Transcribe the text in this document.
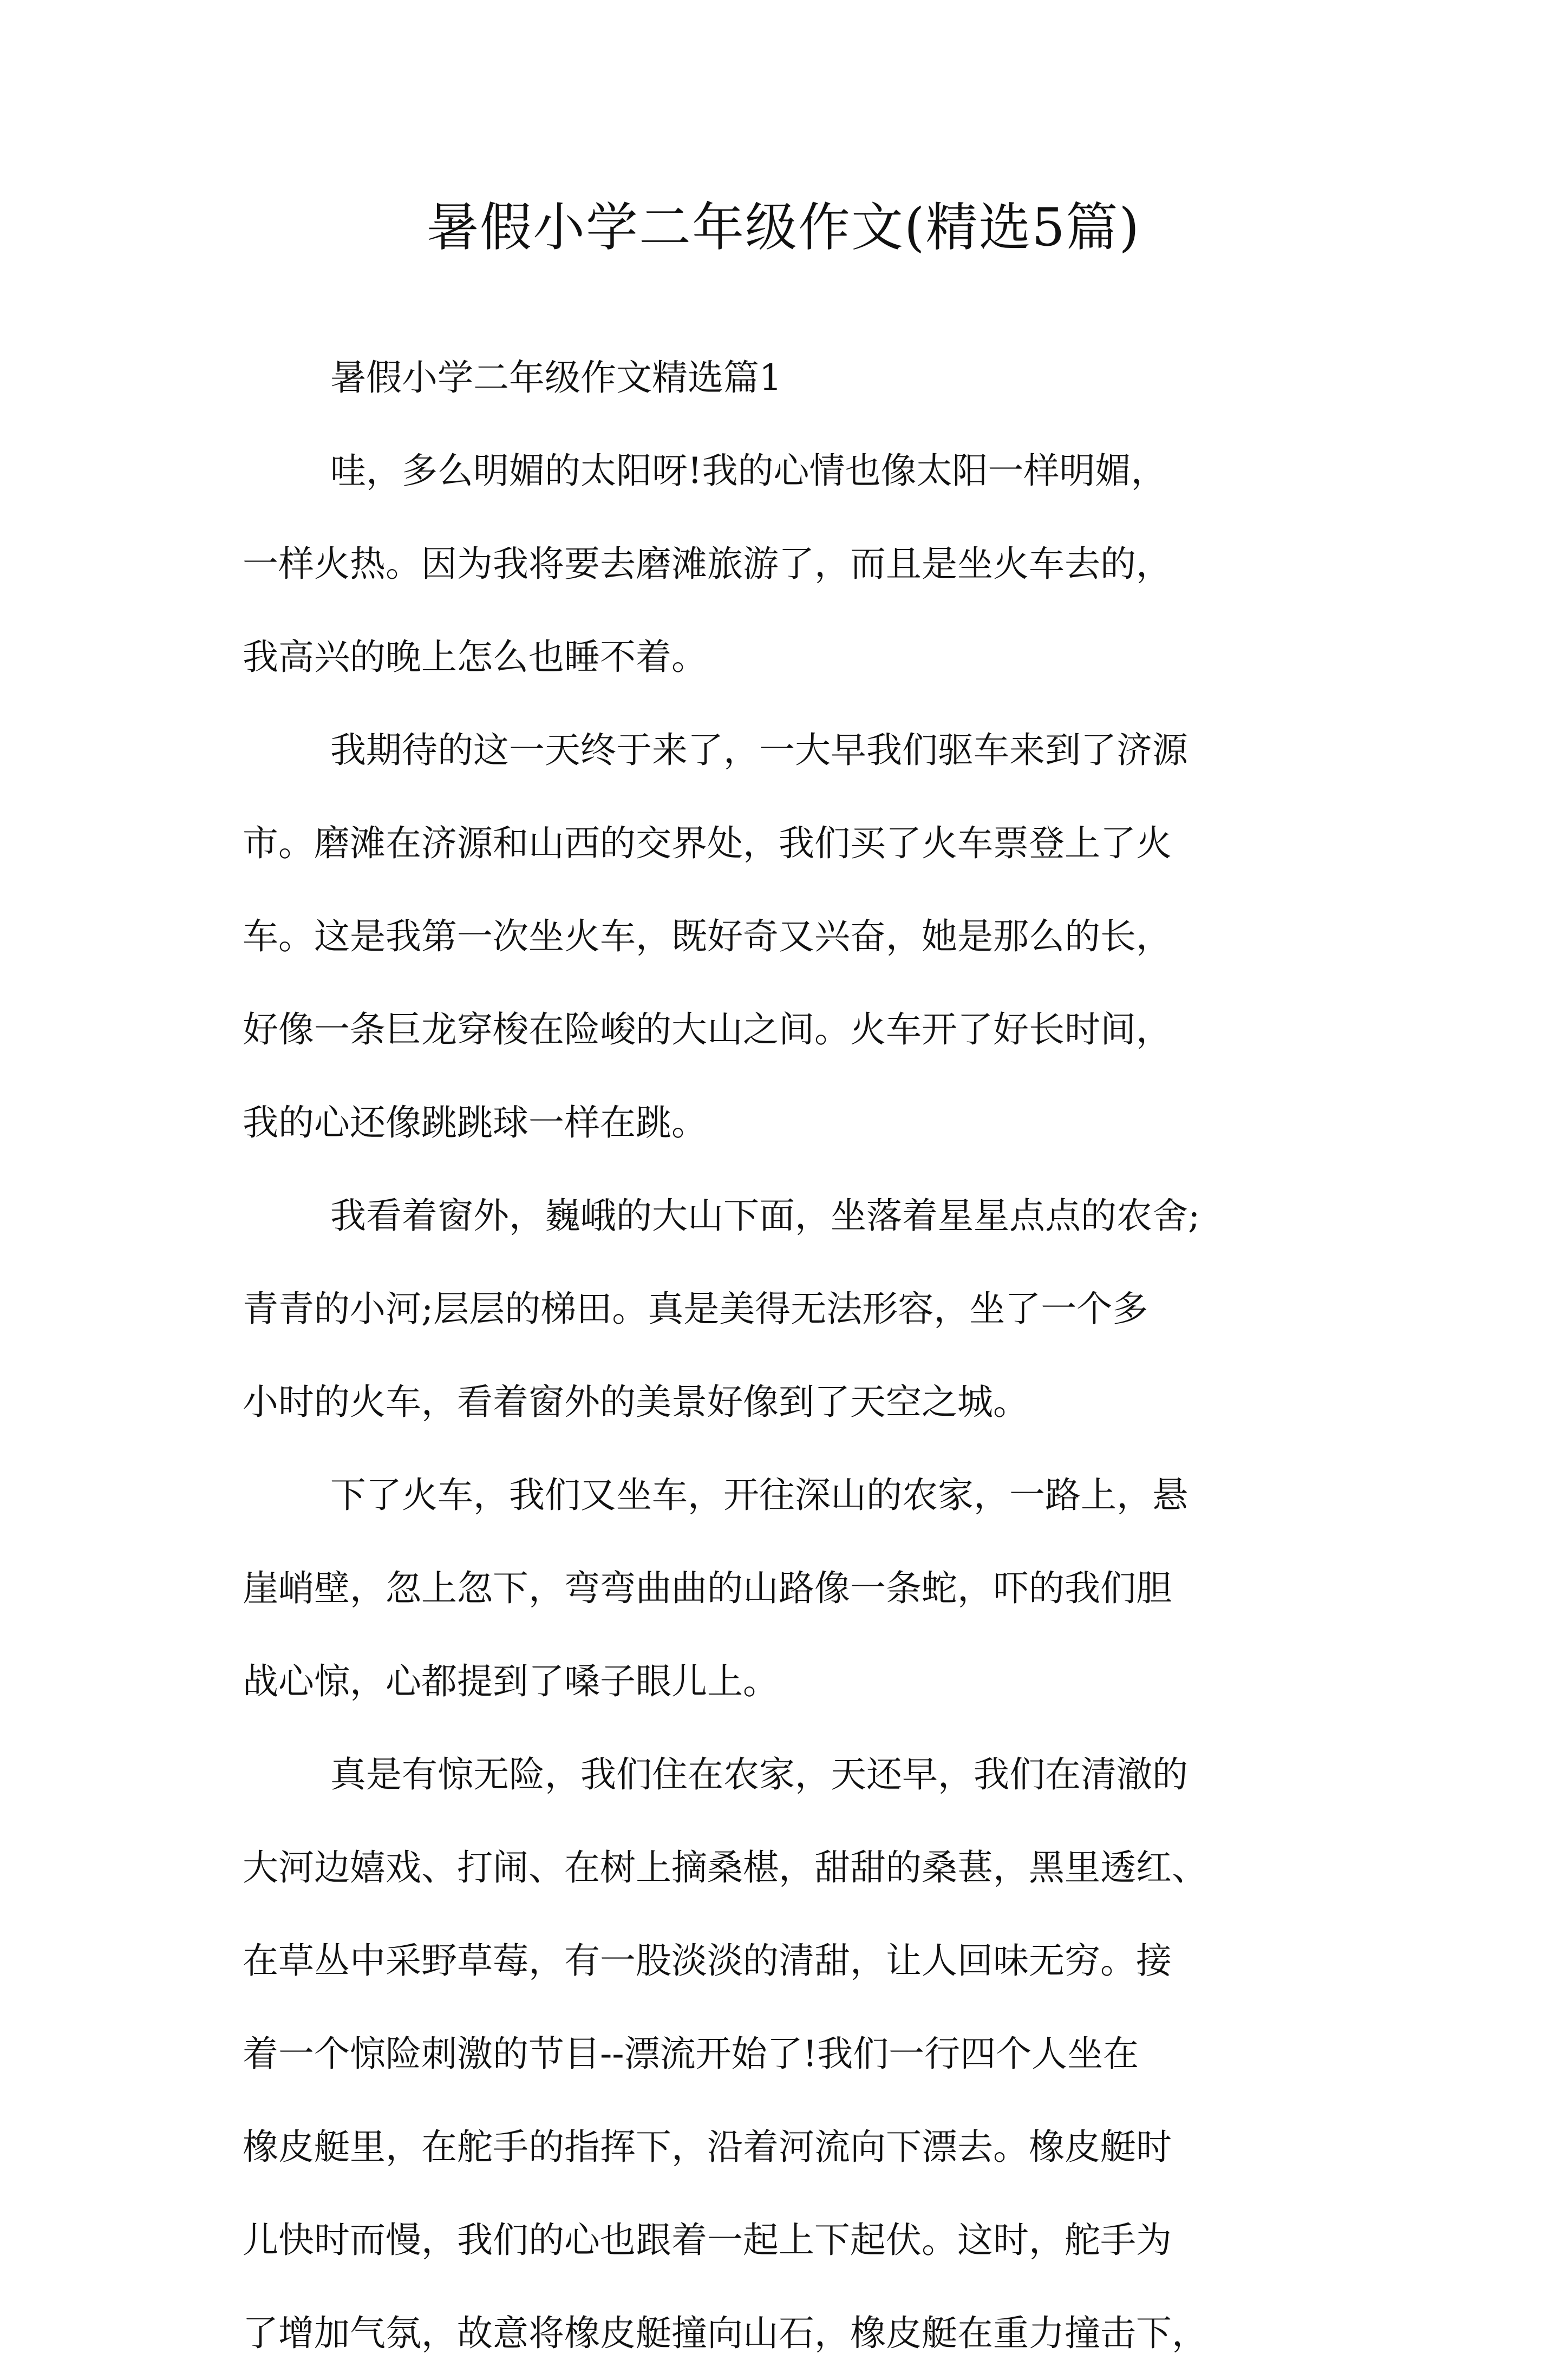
暑假小学二年级作文(精选5篇)

暑假小学二年级作文精选篇1

哇，多么明媚的太阳呀!我的心情也像太阳一样明媚，
一样火热。因为我将要去磨滩旅游了，而且是坐火车去的，
我高兴的晚上怎么也睡不着。

我期待的这一天终于来了，一大早我们驱车来到了济源
市。磨滩在济源和山西的交界处，我们买了火车票登上了火
车。这是我第一次坐火车，既好奇又兴奋，她是那么的长，
好像一条巨龙穿梭在险峻的大山之间。火车开了好长时间，
我的心还像跳跳球一样在跳。

我看着窗外，巍峨的大山下面，坐落着星星点点的农舍;
青青的小河;层层的梯田。真是美得无法形容，坐了一个多
小时的火车，看着窗外的美景好像到了天空之城。

下了火车，我们又坐车，开往深山的农家，一路上，悬
崖峭壁，忽上忽下，弯弯曲曲的山路像一条蛇，吓的我们胆
战心惊，心都提到了嗓子眼儿上。

真是有惊无险，我们住在农家，天还早，我们在清澈的
大河边嬉戏、打闹、在树上摘桑椹，甜甜的桑葚，黑里透红、
在草丛中采野草莓，有一股淡淡的清甜，让人回味无穷。接
着一个惊险刺激的节目--漂流开始了!我们一行四个人坐在
橡皮艇里，在舵手的指挥下，沿着河流向下漂去。橡皮艇时
儿快时而慢，我们的心也跟着一起上下起伏。这时，舵手为
了增加气氛，故意将橡皮艇撞向山石，橡皮艇在重力撞击下，
